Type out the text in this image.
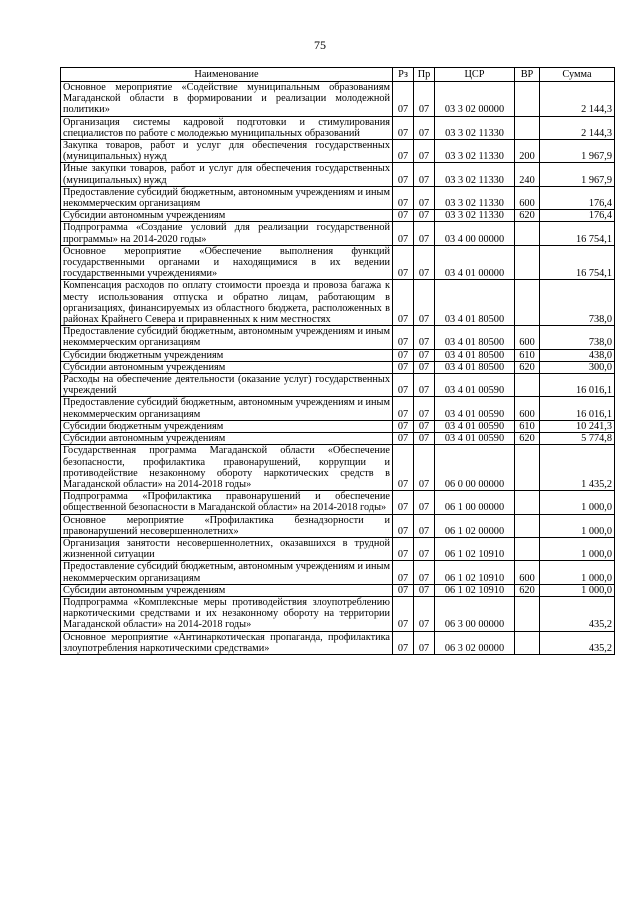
75
Наименование	Рз	Пр	ЦСР	ВР	Сумма
Основное мероприятие «Содействие муниципальным образованиям Магаданской области в формировании и реализации молодежной политики»	07	07	03 3 02 00000		2 144,3
Организация системы кадровой подготовки и стимулирования специалистов по работе с молодежью муниципальных образований	07	07	03 3 02 11330		2 144,3
Закупка товаров, работ и услуг для обеспечения государственных (муниципальных) нужд	07	07	03 3 02 11330	200	1 967,9
Иные закупки товаров, работ и услуг для обеспечения государственных (муниципальных) нужд	07	07	03 3 02 11330	240	1 967,9
Предоставление субсидий бюджетным, автономным учреждениям и иным некоммерческим организациям	07	07	03 3 02 11330	600	176,4
Субсидии автономным учреждениям	07	07	03 3 02 11330	620	176,4
Подпрограмма «Создание условий для реализации государственной программы» на 2014-2020 годы»	07	07	03 4 00 00000		16 754,1
Основное мероприятие «Обеспечение выполнения функций государственными органами и находящимися в их ведении государственными учреждениями»	07	07	03 4 01 00000		16 754,1
Компенсация расходов по оплату стоимости проезда и провоза багажа к месту использования отпуска и обратно лицам, работающим в организациях, финансируемых из областного бюджета, расположенных в районах Крайнего Севера и приравненных к ним местностях	07	07	03 4 01 80500		738,0
Предоставление субсидий бюджетным, автономным учреждениям и иным некоммерческим организациям	07	07	03 4 01 80500	600	738,0
Субсидии бюджетным учреждениям	07	07	03 4 01 80500	610	438,0
Субсидии автономным учреждениям	07	07	03 4 01 80500	620	300,0
Расходы на обеспечение деятельности (оказание услуг) государственных учреждений	07	07	03 4 01 00590		16 016,1
Предоставление субсидий бюджетным, автономным учреждениям и иным некоммерческим организациям	07	07	03 4 01 00590	600	16 016,1
Субсидии бюджетным учреждениям	07	07	03 4 01 00590	610	10 241,3
Субсидии автономным учреждениям	07	07	03 4 01 00590	620	5 774,8
Государственная программа Магаданской области «Обеспечение безопасности, профилактика правонарушений, коррупции и противодействие незаконному обороту наркотических средств в Магаданской области» на 2014-2018 годы»	07	07	06 0 00 00000		1 435,2
Подпрограмма «Профилактика правонарушений и обеспечение общественной безопасности в Магаданской области» на 2014-2018 годы»	07	07	06 1 00 00000		1 000,0
Основное мероприятие «Профилактика безнадзорности и правонарушений несовершеннолетних»	07	07	06 1 02 00000		1 000,0
Организация занятости несовершеннолетних, оказавшихся в трудной жизненной ситуации	07	07	06 1 02 10910		1 000,0
Предоставление субсидий бюджетным, автономным учреждениям и иным некоммерческим организациям	07	07	06 1 02 10910	600	1 000,0
Субсидии автономным учреждениям	07	07	06 1 02 10910	620	1 000,0
Подпрограмма «Комплексные меры противодействия злоупотреблению наркотическими средствами и их незаконному обороту на территории Магаданской области» на 2014-2018 годы»	07	07	06 3 00 00000		435,2
Основное мероприятие «Антинаркотическая пропаганда, профилактика злоупотребления наркотическими средствами»	07	07	06 3 02 00000		435,2
